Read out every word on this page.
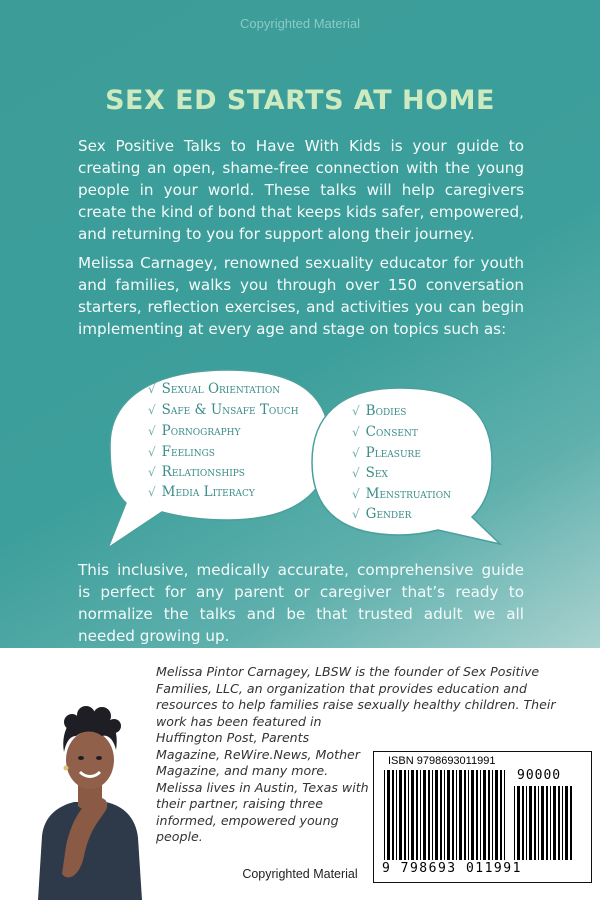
Copyrighted Material
SEX ED STARTS AT HOME

Sex Positive Talks to Have With Kids is your guide to creating an open, shame-free connection with the young people in your world. These talks will help caregivers create the kind of bond that keeps kids safer, empowered, and returning to you for support along their journey.

Melissa Carnagey, renowned sexuality educator for youth and families, walks you through over 150 conversation starters, reflection exercises, and activities you can begin implementing at every age and stage on topics such as:

√ Sexual Orientation
√ Safe & Unsafe Touch
√ Pornography
√ Feelings
√ Relationships
√ Media Literacy
√ Bodies
√ Consent
√ Pleasure
√ Sex
√ Menstruation
√ Gender

This inclusive, medically accurate, comprehensive guide is perfect for any parent or caregiver that’s ready to normalize the talks and be that trusted adult we all needed growing up.

Melissa Pintor Carnagey, LBSW is the founder of Sex Positive Families, LLC, an organization that provides education and resources to help families raise sexually healthy children. Their work has been featured in

Huffington Post, Parents Magazine, ReWire.News, Mother Magazine, and many more. Melissa lives in Austin, Texas with their partner, raising three informed, empowered young people.

ISBN 9798693011991
90000
9 798693 011991
Copyrighted Material
